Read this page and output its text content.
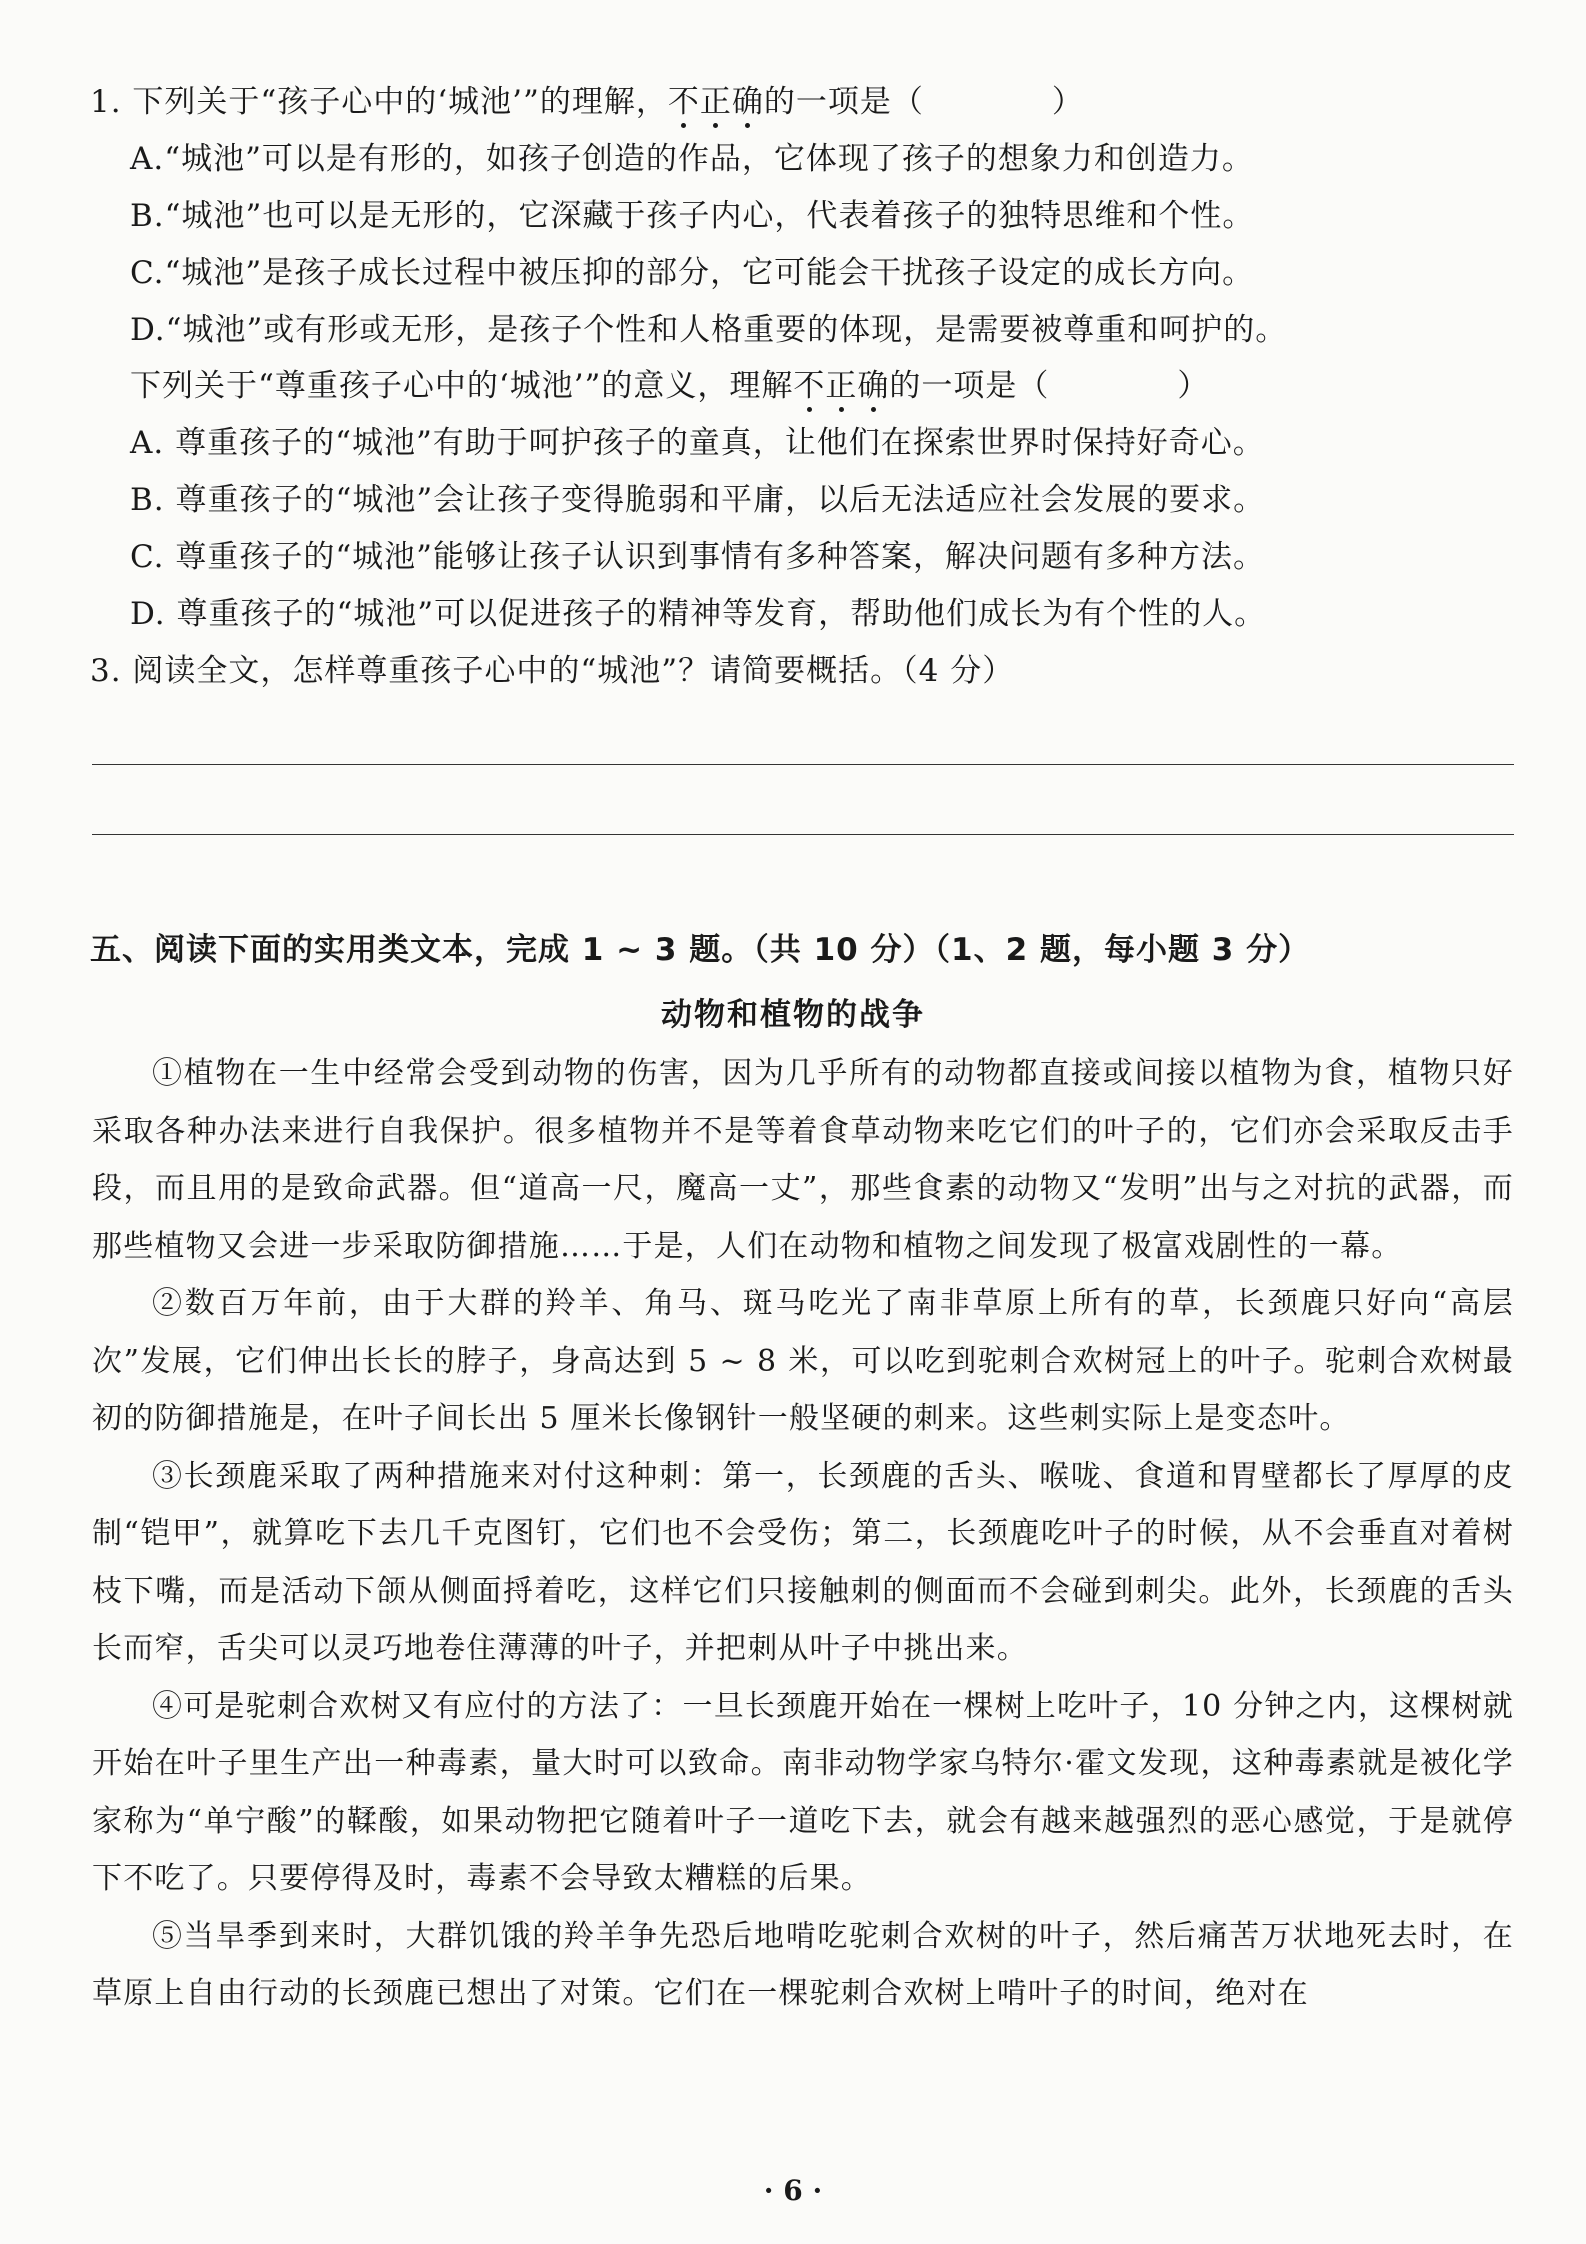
1. 下列关于“孩子心中的‘城池’”的理解，不正确的一项是（　　　　）
A.“城池”可以是有形的，如孩子创造的作品，它体现了孩子的想象力和创造力。
B.“城池”也可以是无形的，它深藏于孩子内心，代表着孩子的独特思维和个性。
C.“城池”是孩子成长过程中被压抑的部分，它可能会干扰孩子设定的成长方向。
D.“城池”或有形或无形，是孩子个性和人格重要的体现，是需要被尊重和呵护的。
下列关于“尊重孩子心中的‘城池’”的意义，理解不正确的一项是（　　　　）
A. 尊重孩子的“城池”有助于呵护孩子的童真，让他们在探索世界时保持好奇心。
B. 尊重孩子的“城池”会让孩子变得脆弱和平庸，以后无法适应社会发展的要求。
C. 尊重孩子的“城池”能够让孩子认识到事情有多种答案，解决问题有多种方法。
D. 尊重孩子的“城池”可以促进孩子的精神等发育，帮助他们成长为有个性的人。
3. 阅读全文，怎样尊重孩子心中的“城池”？请简要概括。（4 分）
五、阅读下面的实用类文本，完成 1 ~ 3 题。（共 10 分）（1、2 题，每小题 3 分）
动物和植物的战争

①植物在一生中经常会受到动物的伤害，因为几乎所有的动物都直接或间接以植物为食，植物只好采取各种办法来进行自我保护。很多植物并不是等着食草动物来吃它们的叶子的，它们亦会采取反击手段，而且用的是致命武器。但“道高一尺，魔高一丈”，那些食素的动物又“发明”出与之对抗的武器，而那些植物又会进一步采取防御措施……于是，人们在动物和植物之间发现了极富戏剧性的一幕。

②数百万年前，由于大群的羚羊、角马、斑马吃光了南非草原上所有的草，长颈鹿只好向“高层次”发展，它们伸出长长的脖子，身高达到 5 ~ 8 米，可以吃到驼刺合欢树冠上的叶子。驼刺合欢树最初的防御措施是，在叶子间长出 5 厘米长像钢针一般坚硬的刺来。这些刺实际上是变态叶。

③长颈鹿采取了两种措施来对付这种刺：第一，长颈鹿的舌头、喉咙、食道和胃壁都长了厚厚的皮制“铠甲”，就算吃下去几千克图钉，它们也不会受伤；第二，长颈鹿吃叶子的时候，从不会垂直对着树枝下嘴，而是活动下颌从侧面捋着吃，这样它们只接触刺的侧面而不会碰到刺尖。此外，长颈鹿的舌头长而窄，舌尖可以灵巧地卷住薄薄的叶子，并把刺从叶子中挑出来。

④可是驼刺合欢树又有应付的方法了：一旦长颈鹿开始在一棵树上吃叶子，10 分钟之内，这棵树就开始在叶子里生产出一种毒素，量大时可以致命。南非动物学家乌特尔·霍文发现，这种毒素就是被化学家称为“单宁酸”的鞣酸，如果动物把它随着叶子一道吃下去，就会有越来越强烈的恶心感觉，于是就停下不吃了。只要停得及时，毒素不会导致太糟糕的后果。

⑤当旱季到来时，大群饥饿的羚羊争先恐后地啃吃驼刺合欢树的叶子，然后痛苦万状地死去时，在草原上自由行动的长颈鹿已想出了对策。它们在一棵驼刺合欢树上啃叶子的时间，绝对在

· 6 ·
